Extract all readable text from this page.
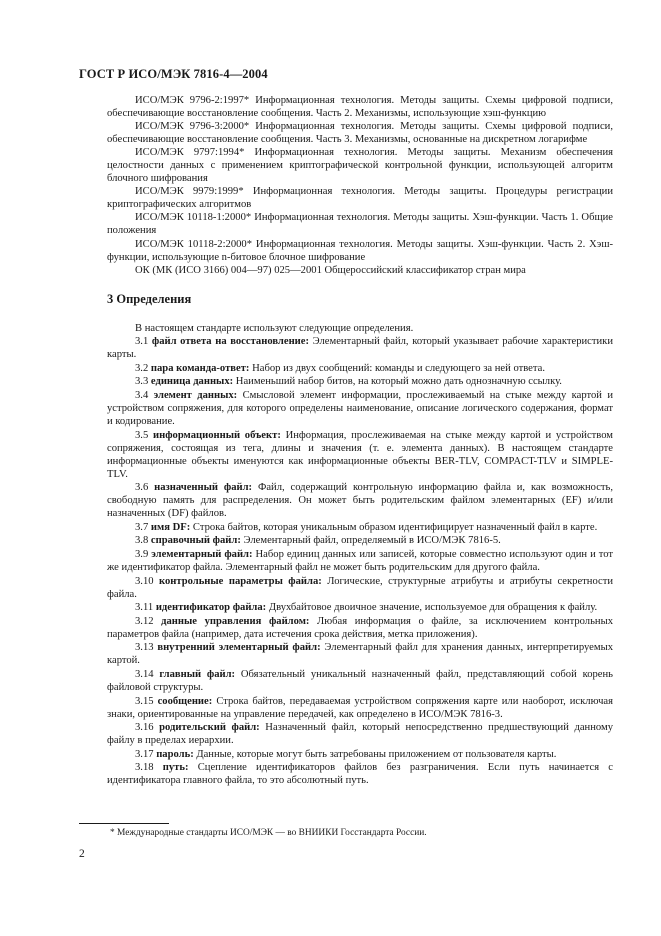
ГОСТ Р ИСО/МЭК 7816-4—2004

ИСО/МЭК 9796-2:1997* Информационная технология. Методы защиты. Схемы цифровой подписи, обеспечивающие восстановление сообщения. Часть 2. Механизмы, использующие хэш-функцию

ИСО/МЭК 9796-3:2000* Информационная технология. Методы защиты. Схемы цифровой подписи, обеспечивающие восстановление сообщения. Часть 3. Механизмы, основанные на дискретном логарифме

ИСО/МЭК 9797:1994* Информационная технология. Методы защиты. Механизм обеспечения целостности данных с применением криптографической контрольной функции, использующей алгоритм блочного шифрования

ИСО/МЭК 9979:1999* Информационная технология. Методы защиты. Процедуры регистрации криптографических алгоритмов

ИСО/МЭК 10118-1:2000* Информационная технология. Методы защиты. Хэш-функции. Часть 1. Общие положения

ИСО/МЭК 10118-2:2000* Информационная технология. Методы защиты. Хэш-функции. Часть 2. Хэш-функции, использующие n-битовое блочное шифрование

ОК (МК (ИСО 3166) 004—97) 025—2001 Общероссийский классификатор стран мира

3 Определения

В настоящем стандарте используют следующие определения.

3.1 файл ответа на восстановление: Элементарный файл, который указывает рабочие характеристики карты.

3.2 пара команда-ответ: Набор из двух сообщений: команды и следующего за ней ответа.

3.3 единица данных: Наименьший набор битов, на который можно дать однозначную ссылку.

3.4 элемент данных: Смысловой элемент информации, прослеживаемый на стыке между картой и устройством сопряжения, для которого определены наименование, описание логического содержания, формат и кодирование.

3.5 информационный объект: Информация, прослеживаемая на стыке между картой и устройством сопряжения, состоящая из тега, длины и значения (т. е. элемента данных). В настоящем стандарте информационные объекты именуются как информационные объекты BER-TLV, COMPACT-TLV и SIMPLE-TLV.

3.6 назначенный файл: Файл, содержащий контрольную информацию файла и, как возможность, свободную память для распределения. Он может быть родительским файлом элементарных (EF) и/или назначенных (DF) файлов.

3.7 имя DF: Строка байтов, которая уникальным образом идентифицирует назначенный файл в карте.

3.8 справочный файл: Элементарный файл, определяемый в ИСО/МЭК 7816-5.

3.9 элементарный файл: Набор единиц данных или записей, которые совместно используют один и тот же идентификатор файла. Элементарный файл не может быть родительским для другого файла.

3.10 контрольные параметры файла: Логические, структурные атрибуты и атрибуты секретности файла.

3.11 идентификатор файла: Двухбайтовое двоичное значение, используемое для обращения к файлу.

3.12 данные управления файлом: Любая информация о файле, за исключением контрольных параметров файла (например, дата истечения срока действия, метка приложения).

3.13 внутренний элементарный файл: Элементарный файл для хранения данных, интерпретируемых картой.

3.14 главный файл: Обязательный уникальный назначенный файл, представляющий собой корень файловой структуры.

3.15 сообщение: Строка байтов, передаваемая устройством сопряжения карте или наоборот, исключая знаки, ориентированные на управление передачей, как определено в ИСО/МЭК 7816-3.

3.16 родительский файл: Назначенный файл, который непосредственно предшествующий данному файлу в пределах иерархии.

3.17 пароль: Данные, которые могут быть затребованы приложением от пользователя карты.

3.18 путь: Сцепление идентификаторов файлов без разграничения. Если путь начинается с идентификатора главного файла, то это абсолютный путь.

* Международные стандарты ИСО/МЭК — во ВНИИКИ Госстандарта России.
2
